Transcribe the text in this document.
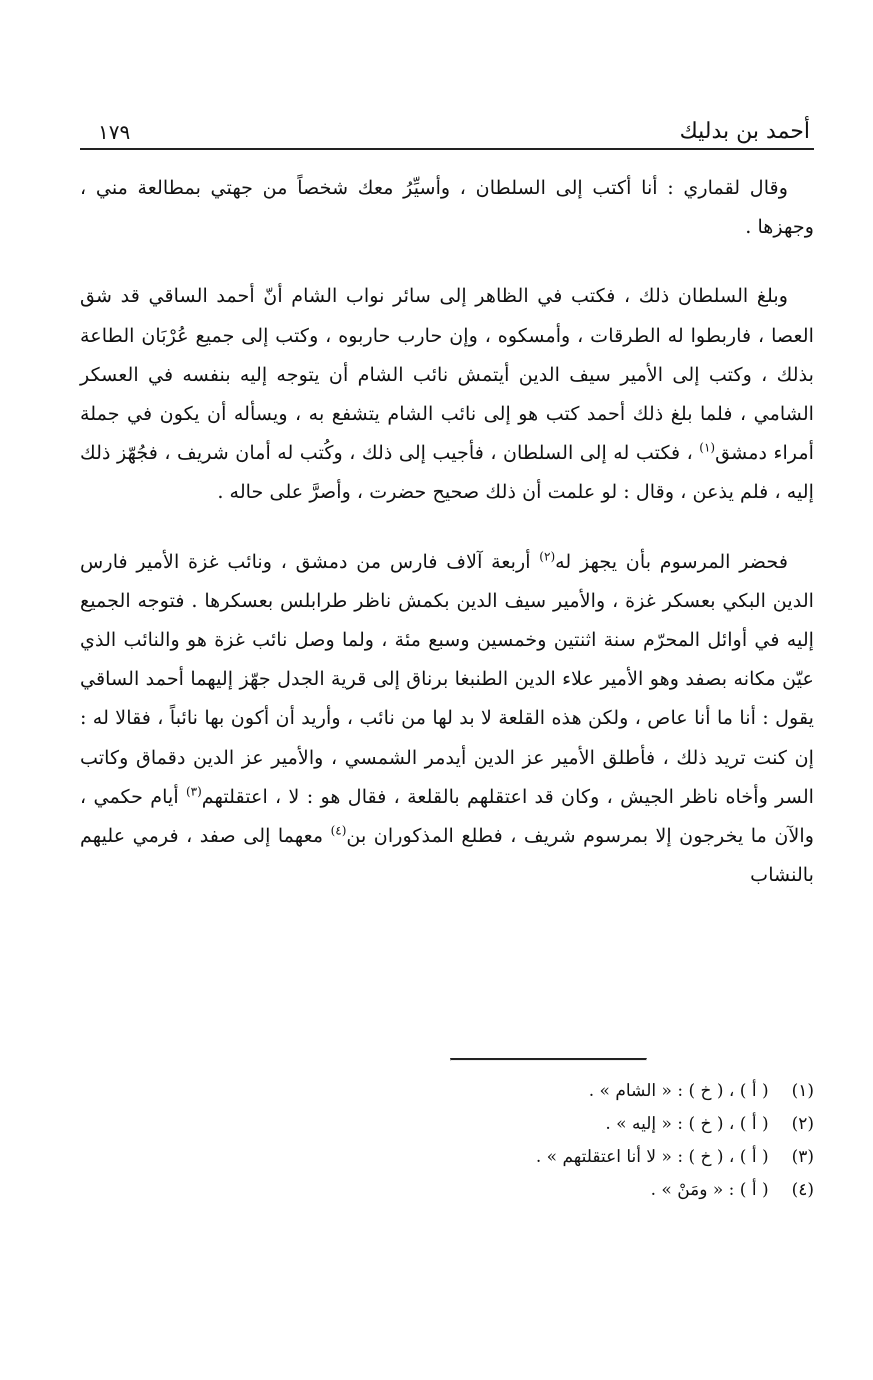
أحمد بن بدليك
١٧٩

وقال لقماري : أنا أكتب إلى السلطان ، وأسيِّرُ معك شخصاً من جهتي بمطالعة مني ، وجهزها .

وبلغ السلطان ذلك ، فكتب في الظاهر إلى سائر نواب الشام أنّ أحمد الساقي قد شق العصا ، فاربطوا له الطرقات ، وأمسكوه ، وإن حارب حاربوه ، وكتب إلى جميع عُرْبَان الطاعة بذلك ، وكتب إلى الأمير سيف الدين أيتمش نائب الشام أن يتوجه إليه بنفسه في العسكر الشامي ، فلما بلغ ذلك أحمد كتب هو إلى نائب الشام يتشفع به ، ويسأله أن يكون في جملة أمراء دمشق$^{(١)}$ ، فكتب له إلى السلطان ، فأجيب إلى ذلك ، وكُتب له أمان شريف ، فجُهّز ذلك إليه ، فلم يذعن ، وقال : لو علمت أن ذلك صحيح حضرت ، وأصرَّ على حاله .

فحضر المرسوم بأن يجهز له$^{(٢)}$ أربعة آلاف فارس من دمشق ، ونائب غزة الأمير فارس الدين البكي بعسكر غزة ، والأمير سيف الدين بكمش ناظر طرابلس بعسكرها . فتوجه الجميع إليه في أوائل المحرّم سنة اثنتين وخمسين وسبع مئة ، ولما وصل نائب غزة هو والنائب الذي عيّن مكانه بصفد وهو الأمير علاء الدين الطنبغا برناق إلى قرية الجدل جهّز إليهما أحمد الساقي يقول : أنا ما أنا عاص ، ولكن هذه القلعة لا بد لها من نائب ، وأريد أن أكون بها نائباً ، فقالا له : إن كنت تريد ذلك ، فأطلق الأمير عز الدين أيدمر الشمسي ، والأمير عز الدين دقماق وكاتب السر وأخاه ناظر الجيش ، وكان قد اعتقلهم بالقلعة ، فقال هو : لا ، اعتقلتهم$^{(٣)}$ أيام حكمي ، والآن ما يخرجون إلا بمرسوم شريف ، فطلع المذكوران بن$^{(٤)}$ معهما إلى صفد ، فرمي عليهم بالنشاب

(١) ( أ ) ، ( خ ) : « الشام » .
(٢) ( أ ) ، ( خ ) : « إليه » .
(٣) ( أ ) ، ( خ ) : « لا أنا اعتقلتهم » .
(٤) ( أ ) : « ومَنْ » .
